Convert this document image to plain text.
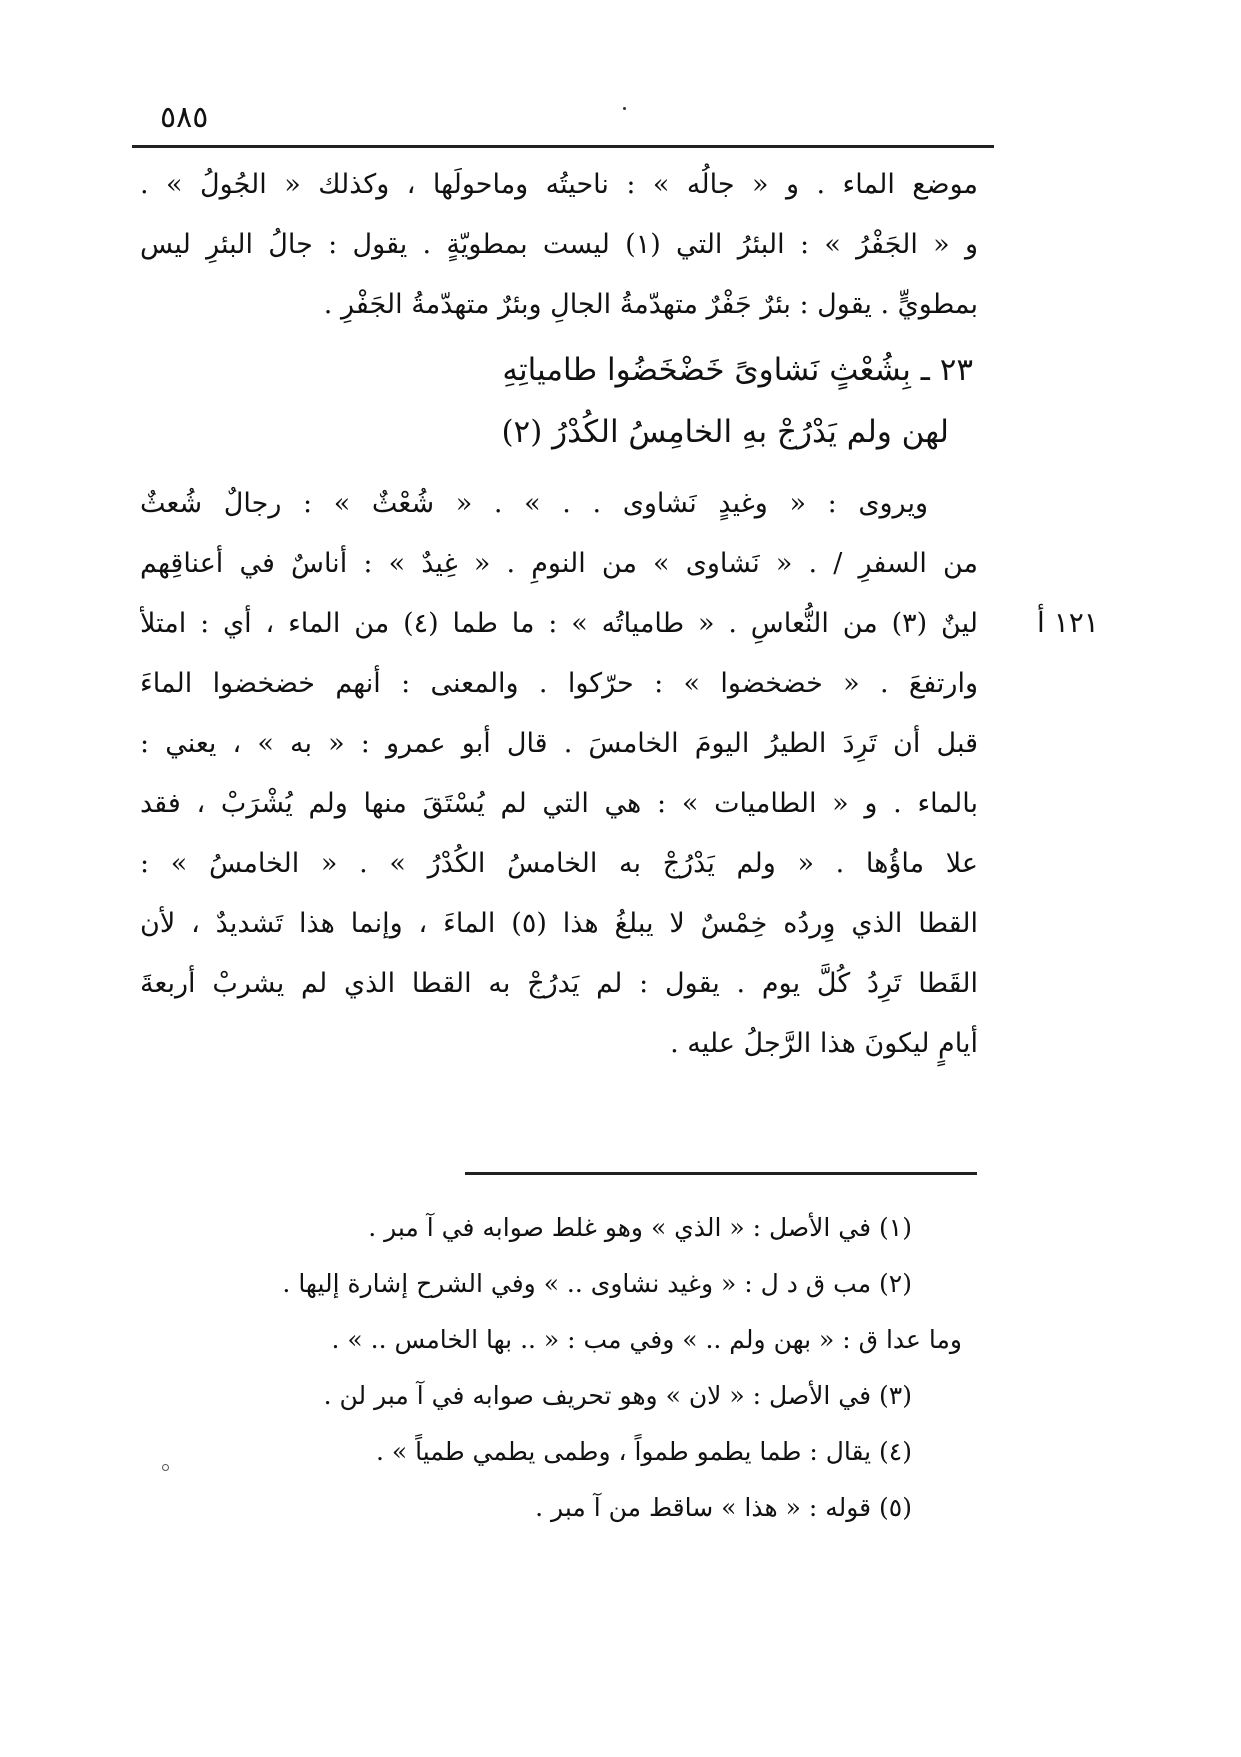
٥٨٥
موضع الماء . و « جالُه » : ناحيتُه وماحولَها ، وكذلك « الجُولُ » .
و « الجَفْرُ » : البئرُ التي (١) ليست بمطويّةٍ . يقول : جالُ البئرِ ليس
بمطويٍّ . يقول : بئرٌ جَفْرٌ متهدّمةُ الجالِ وبئرٌ متهدّمةُ الجَفْرِ .
٢٣ ـ بِشُعْثٍ نَشاوىً خَضْخَضُوا طامياتِهِ
لهن ولم يَدْرُجْ بهِ الخامِسُ الكُدْرُ (٢)
ويروى : « وغيدٍ نَشاوى . . » . « شُعْثٌ » : رجالٌ شُعثٌ
من السفرِ / . « نَشاوى » من النومِ . « غِيدٌ » : أناسٌ في أعناقِهم
لينٌ (٣) من النُّعاسِ . « طامياتُه » : ما طما (٤) من الماء ، أي : امتلأ
وارتفعَ . « خضخضوا » : حرّكوا . والمعنى : أنهم خضخضوا الماءَ
قبل أن تَرِدَ الطيرُ اليومَ الخامسَ . قال أبو عمرو : « به » ، يعني :
بالماء . و « الطاميات » : هي التي لم يُسْتَقَ منها ولم يُشْرَبْ ، فقد
علا ماؤُها . « ولم يَدْرُجْ به الخامسُ الكُدْرُ » . « الخامسُ » :
القطا الذي وِردُه خِمْسٌ لا يبلغُ هذا (٥) الماءَ ، وإنما هذا تَشديدٌ ، لأن
القَطا تَرِدُ كُلَّ يوم . يقول : لم يَدرُجْ به القطا الذي لم يشربْ أربعةَ
أيامٍ ليكونَ هذا الرَّجلُ عليه .
١٢١ أ
(١) في الأصل : « الذي » وهو غلط صوابه في آ مبر .
(٢) مب ق د ل : « وغيد نشاوى .. » وفي الشرح إشارة إليها .
وما عدا ق : « بهن ولم .. » وفي مب : « .. بها الخامس .. » .
(٣) في الأصل : « لان » وهو تحريف صوابه في آ مبر لن .
(٤) يقال : طما يطمو طمواً ، وطمى يطمي طمياً » .
(٥) قوله : « هذا » ساقط من آ مبر .
